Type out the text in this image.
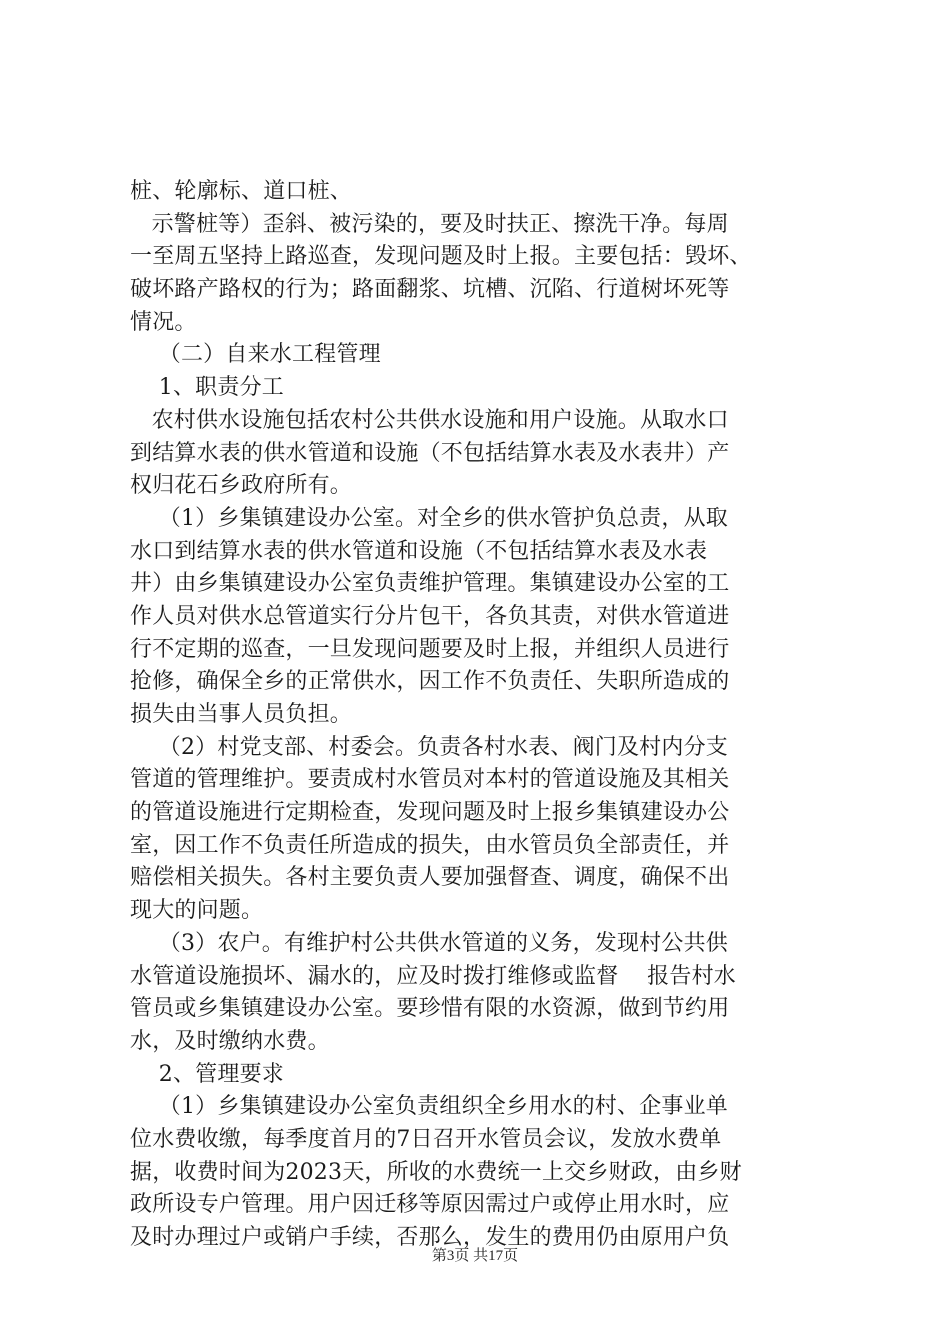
桩、轮廓标、道口桩、
示警桩等）歪斜、被污染的，要及时扶正、擦洗干净。每周
一至周五坚持上路巡查，发现问题及时上报。主要包括：毁坏、
破坏路产路权的行为；路面翻浆、坑槽、沉陷、行道树坏死等
情况。
（二）自来水工程管理
1、职责分工
农村供水设施包括农村公共供水设施和用户设施。从取水口
到结算水表的供水管道和设施（不包括结算水表及水表井）产
权归花石乡政府所有。
（1）乡集镇建设办公室。对全乡的供水管护负总责，从取
水口到结算水表的供水管道和设施（不包括结算水表及水表
井）由乡集镇建设办公室负责维护管理。集镇建设办公室的工
作人员对供水总管道实行分片包干，各负其责，对供水管道进
行不定期的巡查，一旦发现问题要及时上报，并组织人员进行
抢修，确保全乡的正常供水，因工作不负责任、失职所造成的
损失由当事人员负担。
（2）村党支部、村委会。负责各村水表、阀门及村内分支
管道的管理维护。要责成村水管员对本村的管道设施及其相关
的管道设施进行定期检查，发现问题及时上报乡集镇建设办公
室，因工作不负责任所造成的损失，由水管员负全部责任，并
赔偿相关损失。各村主要负责人要加强督查、调度，确保不出
现大的问题。
（3）农户。有维护村公共供水管道的义务，发现村公共供
水管道设施损坏、漏水的，应及时拨打维修或监督    报告村水
管员或乡集镇建设办公室。要珍惜有限的水资源，做到节约用
水，及时缴纳水费。
2、管理要求
（1）乡集镇建设办公室负责组织全乡用水的村、企事业单
位水费收缴，每季度首月的7日召开水管员会议，发放水费单
据，收费时间为2023天，所收的水费统一上交乡财政，由乡财
政所设专户管理。用户因迁移等原因需过户或停止用水时，应
及时办理过户或销户手续，否那么，发生的费用仍由原用户负
第3页 共17页
